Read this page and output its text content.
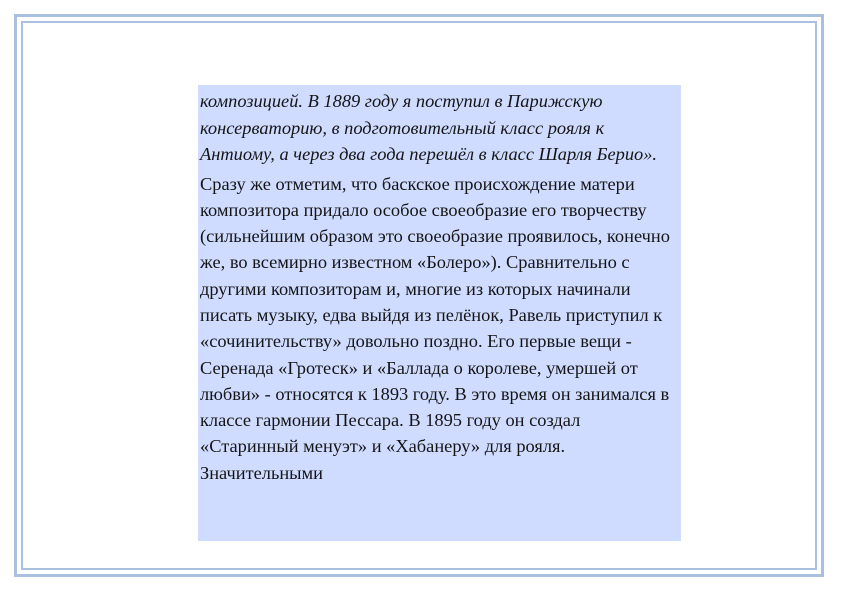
композицией. В 1889 году я поступил в Парижскую консерваторию, в подготовительный класс рояля к Антиому, а через два года перешёл в класс Шарля Берио».

Сразу же отметим, что баскское происхождение матери композитора придало особое своеобразие его творчеству (сильнейшим образом это своеобразие проявилось, конечно же, во всемирно известном «Болеро»). Сравнительно с другими композиторам и, многие из которых начинали писать музыку, едва выйдя из пелёнок, Равель приступил к «сочинительству» довольно поздно. Его первые вещи - Серенада «Гротеск» и «Баллада о королеве, умершей от любви» - относятся к 1893 году. В это время он занимался в классе гармонии Пессара. В 1895 году он создал «Старинный менуэт» и «Хабанеру» для рояля. Значительными
